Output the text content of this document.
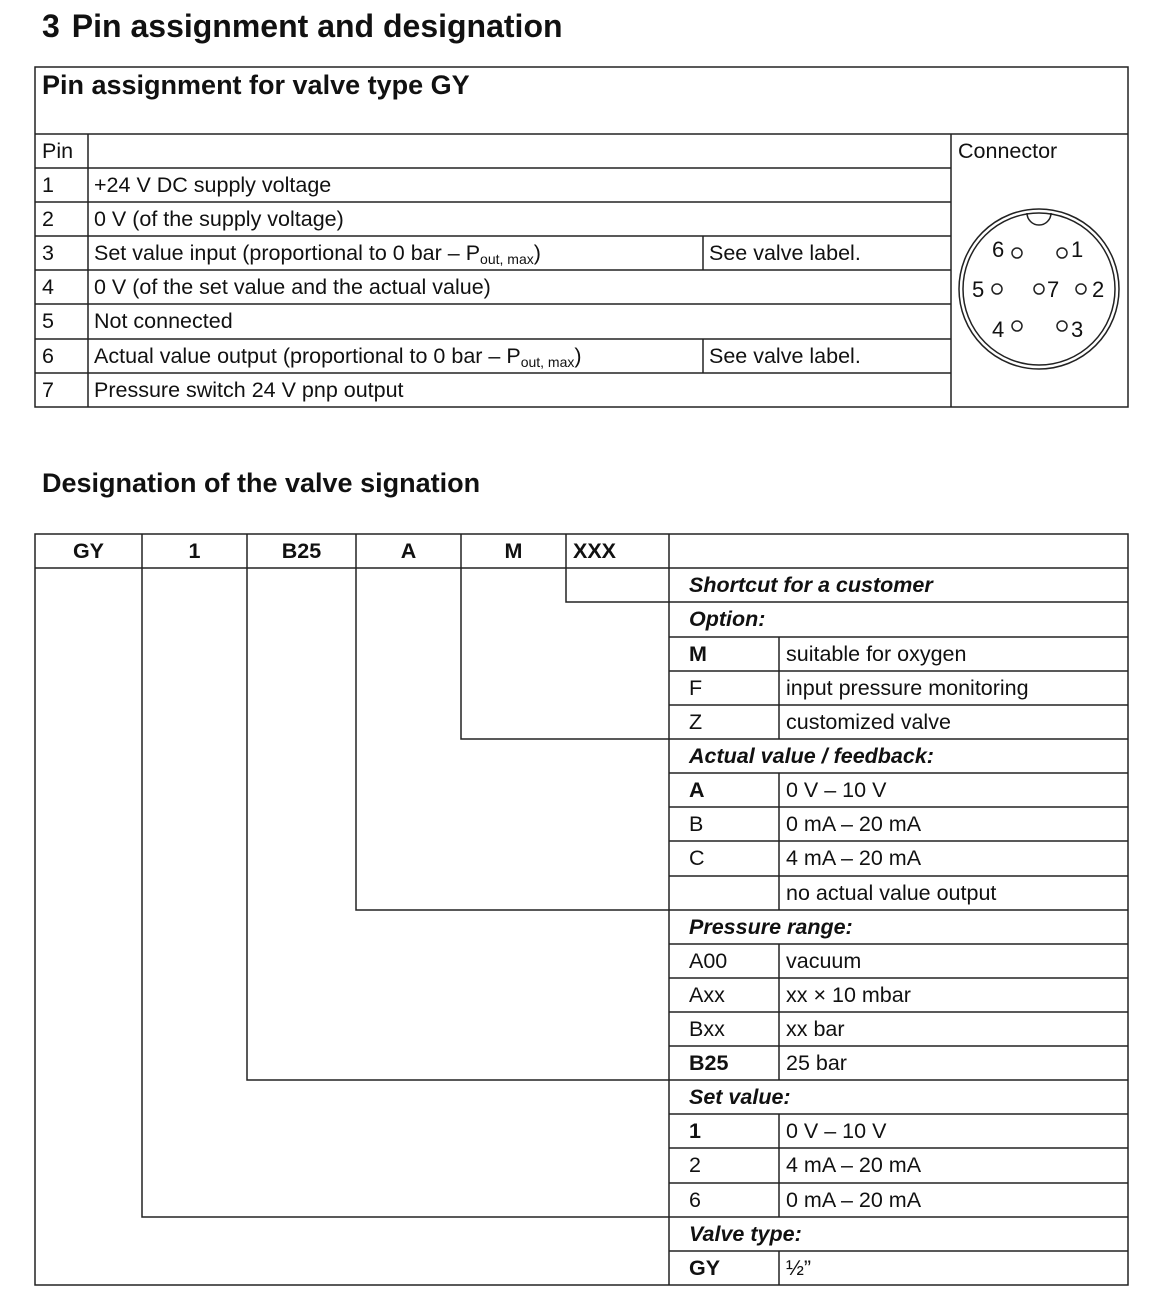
3 Pin assignment and designation
Pin assignment for valve type GY
Pin	Connector
1 +24 V DC supply voltage
2 0 V (of the supply voltage)
3 Set value input (proportional to 0 bar – $P_{out, max}$)	See valve label.
4 0 V (of the set value and the actual value)
5 Not connected
6 Actual value output (proportional to 0 bar – $P_{out, max}$)	See valve label.
7 Pressure switch 24 V pnp output
1
2
3
4
5
6
7
Designation of the valve signation
GY	1	B25	A	M	XXX
Shortcut for a customer
Option:
M	suitable for oxygen
F	input pressure monitoring
Z	customized valve
Actual value / feedback:
A	0 V – 10 V
B	0 mA – 20 mA
C	4 mA – 20 mA
no actual value output
Pressure range:
A00	vacuum
Axx	xx × 10 mbar
Bxx	xx bar
B25	25 bar
Set value:
1	0 V – 10 V
2	4 mA – 20 mA
6	0 mA – 20 mA
Valve type:
GY	½”
